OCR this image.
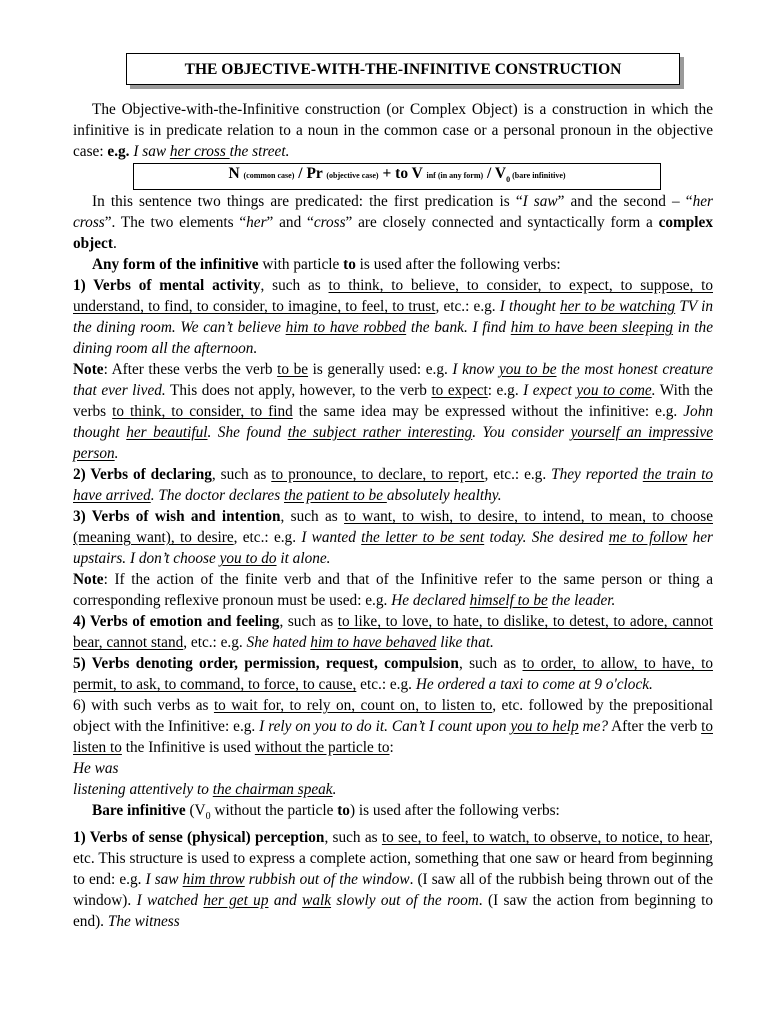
THE OBJECTIVE-WITH-THE-INFINITIVE CONSTRUCTION

The Objective-with-the-Infinitive construction (or Complex Object) is a construction in which the infinitive is in predicate relation to a noun in the common case or a personal pronoun in the objective case: e.g. I saw her cross the street.

N (common case) / Pr (objective case) + to V inf (in any form) / $V_0$ (bare infinitive)

In this sentence two things are predicated: the first predication is “I saw” and the second – “her cross”. The two elements “her” and “cross” are closely connected and syntactically form a complex object.

Any form of the infinitive with particle to is used after the following verbs:

1) Verbs of mental activity, such as to think, to believe, to consider, to expect, to suppose, to understand, to find, to consider, to imagine, to feel, to trust, etc.: e.g. I thought her to be watching TV in the dining room. We can’t believe him to have robbed the bank. I find him to have been sleeping in the dining room all the afternoon.

Note: After these verbs the verb to be is generally used: e.g. I know you to be the most honest creature that ever lived. This does not apply, however, to the verb to expect: e.g. I expect you to come. With the verbs to think, to consider, to find the same idea may be expressed without the infinitive: e.g. John thought her beautiful. She found the subject rather interesting. You consider yourself an impressive person.

2) Verbs of declaring, such as to pronounce, to declare, to report, etc.: e.g. They reported the train to have arrived. The doctor declares the patient to be absolutely healthy.

3) Verbs of wish and intention, such as to want, to wish, to desire, to intend, to mean, to choose (meaning want), to desire, etc.: e.g. I wanted the letter to be sent today. She desired me to follow her upstairs. I don’t choose you to do it alone.

Note: If the action of the finite verb and that of the Infinitive refer to the same person or thing a corresponding reflexive pronoun must be used: e.g. He declared himself to be the leader.

4) Verbs of emotion and feeling, such as to like, to love, to hate, to dislike, to detest, to adore, cannot bear, cannot stand, etc.: e.g. She hated him to have behaved like that.

5) Verbs denoting order, permission, request, compulsion, such as to order, to allow, to have, to permit, to ask, to command, to force, to cause, etc.: e.g. He ordered a taxi to come at 9 o'clock.

6) with such verbs as to wait for, to rely on, count on, to listen to, etc. followed by the prepositional object with the Infinitive: e.g. I rely on you to do it. Can’t I count upon you to help me? After the verb to listen to the Infinitive is used without the particle to:
He was
listening attentively to the chairman speak.

Bare infinitive ($V_0$ without the particle to) is used after the following verbs:

1) Verbs of sense (physical) perception, such as to see, to feel, to watch, to observe, to notice, to hear, etc. This structure is used to express a complete action, something that one saw or heard from beginning to end: e.g. I saw him throw rubbish out of the window. (I saw all of the rubbish being thrown out of the window). I watched her get up and walk slowly out of the room. (I saw the action from beginning to end). The witness
